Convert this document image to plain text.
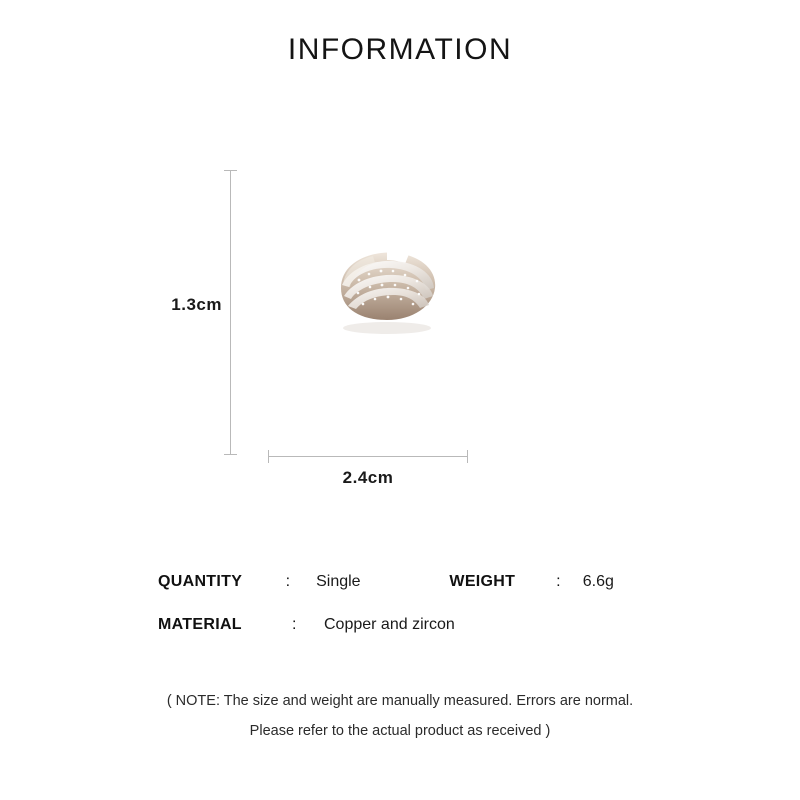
INFORMATION
1.3cm
2.4cm
QUANTITY	:	Single	WEIGHT	:	6.6g
MATERIAL	:	Copper and zircon
( NOTE: The size and weight are manually measured. Errors are normal.
Please refer to the actual product as received )
